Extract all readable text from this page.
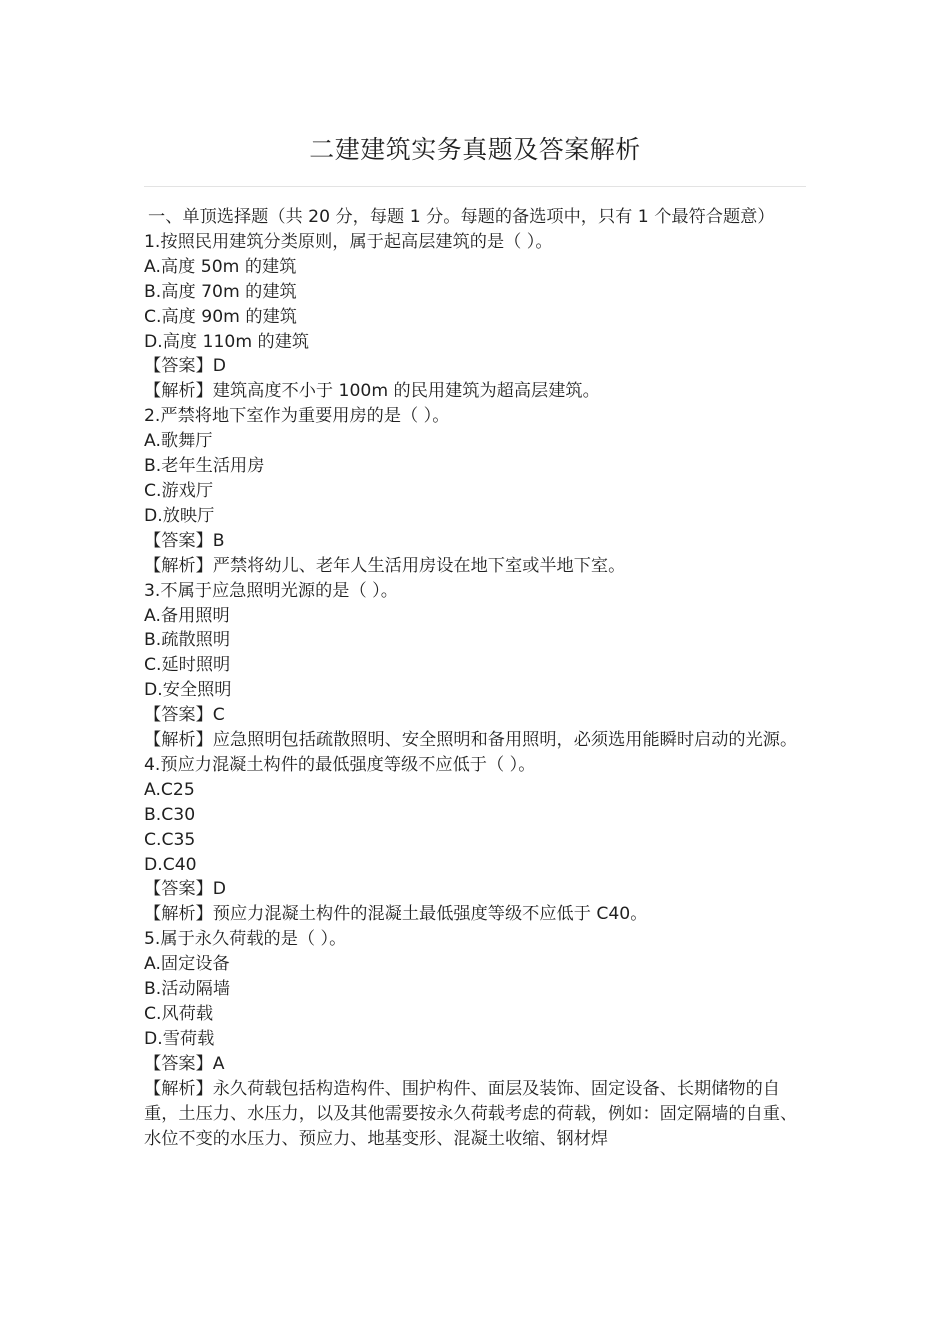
二建建筑实务真题及答案解析

一、单顶选择题（共 20 分，每题 1 分。每题的备选项中，只有 1 个最符合题意）

1.按照民用建筑分类原则，属于起高层建筑的是（ ）。

A.高度 50m 的建筑

B.高度 70m 的建筑

C.高度 90m 的建筑

D.高度 110m 的建筑

【答案】D

【解析】建筑高度不小于 100m 的民用建筑为超高层建筑。

2.严禁将地下室作为重要用房的是（ ）。

A.歌舞厅

B.老年生活用房

C.游戏厅

D.放映厅

【答案】B

【解析】严禁将幼儿、老年人生活用房设在地下室或半地下室。

3.不属于应急照明光源的是（ ）。

A.备用照明

B.疏散照明

C.延时照明

D.安全照明

【答案】C

【解析】应急照明包括疏散照明、安全照明和备用照明，必须选用能瞬时启动的光源。

4.预应力混凝土构件的最低强度等级不应低于（ ）。

A.C25

B.C30

C.C35

D.C40

【答案】D

【解析】预应力混凝土构件的混凝土最低强度等级不应低于 C40。

5.属于永久荷载的是（ ）。

A.固定设备

B.活动隔墙

C.风荷载

D.雪荷载

【答案】A

【解析】永久荷载包括构造构件、围护构件、面层及装饰、固定设备、长期储物的自重，土压力、水压力，以及其他需要按永久荷载考虑的荷载，例如：固定隔墙的自重、水位不变的水压力、预应力、地基变形、混凝土收缩、钢材焊
